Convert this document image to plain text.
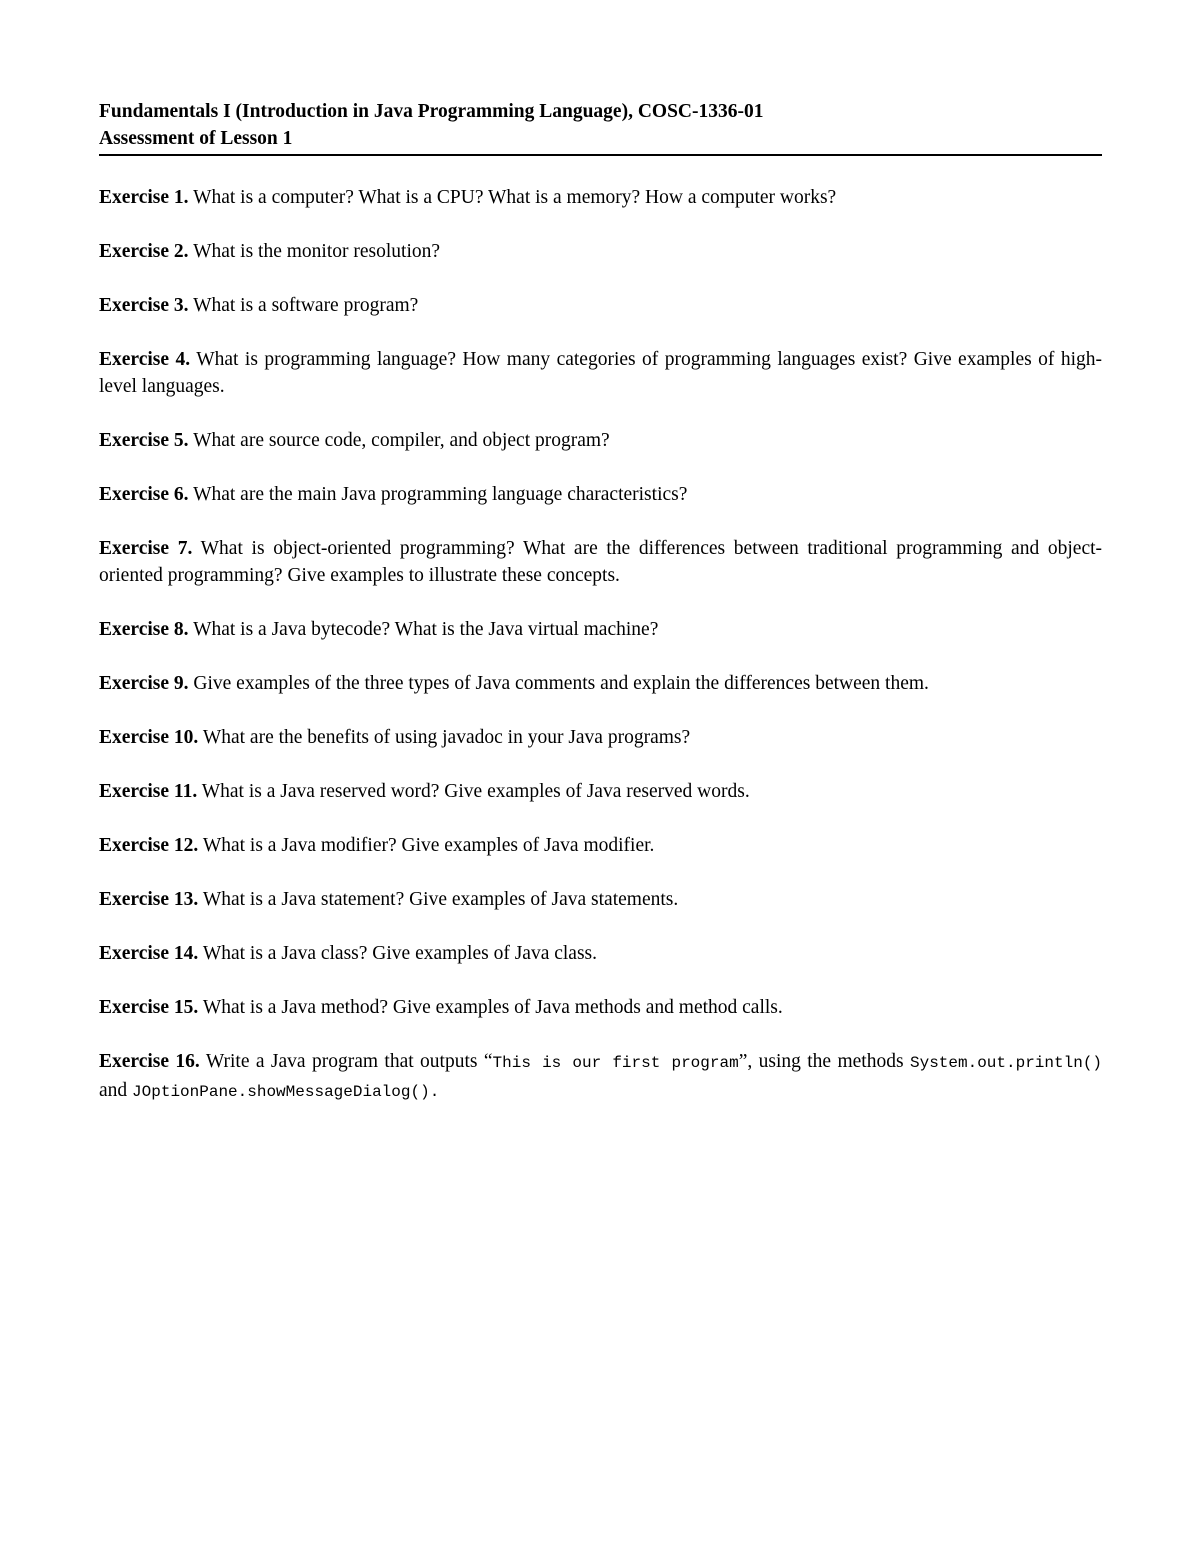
Fundamentals I (Introduction in Java Programming Language), COSC-1336-01
Assessment of Lesson 1

Exercise 1. What is a computer? What is a CPU? What is a memory? How a computer works?

Exercise 2. What is the monitor resolution?

Exercise 3. What is a software program?

Exercise 4. What is programming language? How many categories of programming languages exist? Give examples of high-level languages.

Exercise 5. What are source code, compiler, and object program?

Exercise 6. What are the main Java programming language characteristics?

Exercise 7. What is object-oriented programming? What are the differences between traditional programming and object-oriented programming? Give examples to illustrate these concepts.

Exercise 8. What is a Java bytecode? What is the Java virtual machine?

Exercise 9. Give examples of the three types of Java comments and explain the differences between them.

Exercise 10. What are the benefits of using javadoc in your Java programs?

Exercise 11. What is a Java reserved word? Give examples of Java reserved words.

Exercise 12. What is a Java modifier? Give examples of Java modifier.

Exercise 13. What is a Java statement? Give examples of Java statements.

Exercise 14. What is a Java class? Give examples of Java class.

Exercise 15. What is a Java method? Give examples of Java methods and method calls.

Exercise 16. Write a Java program that outputs “This is our first program”, using the methods System.out.println() and JOptionPane.showMessageDialog().
